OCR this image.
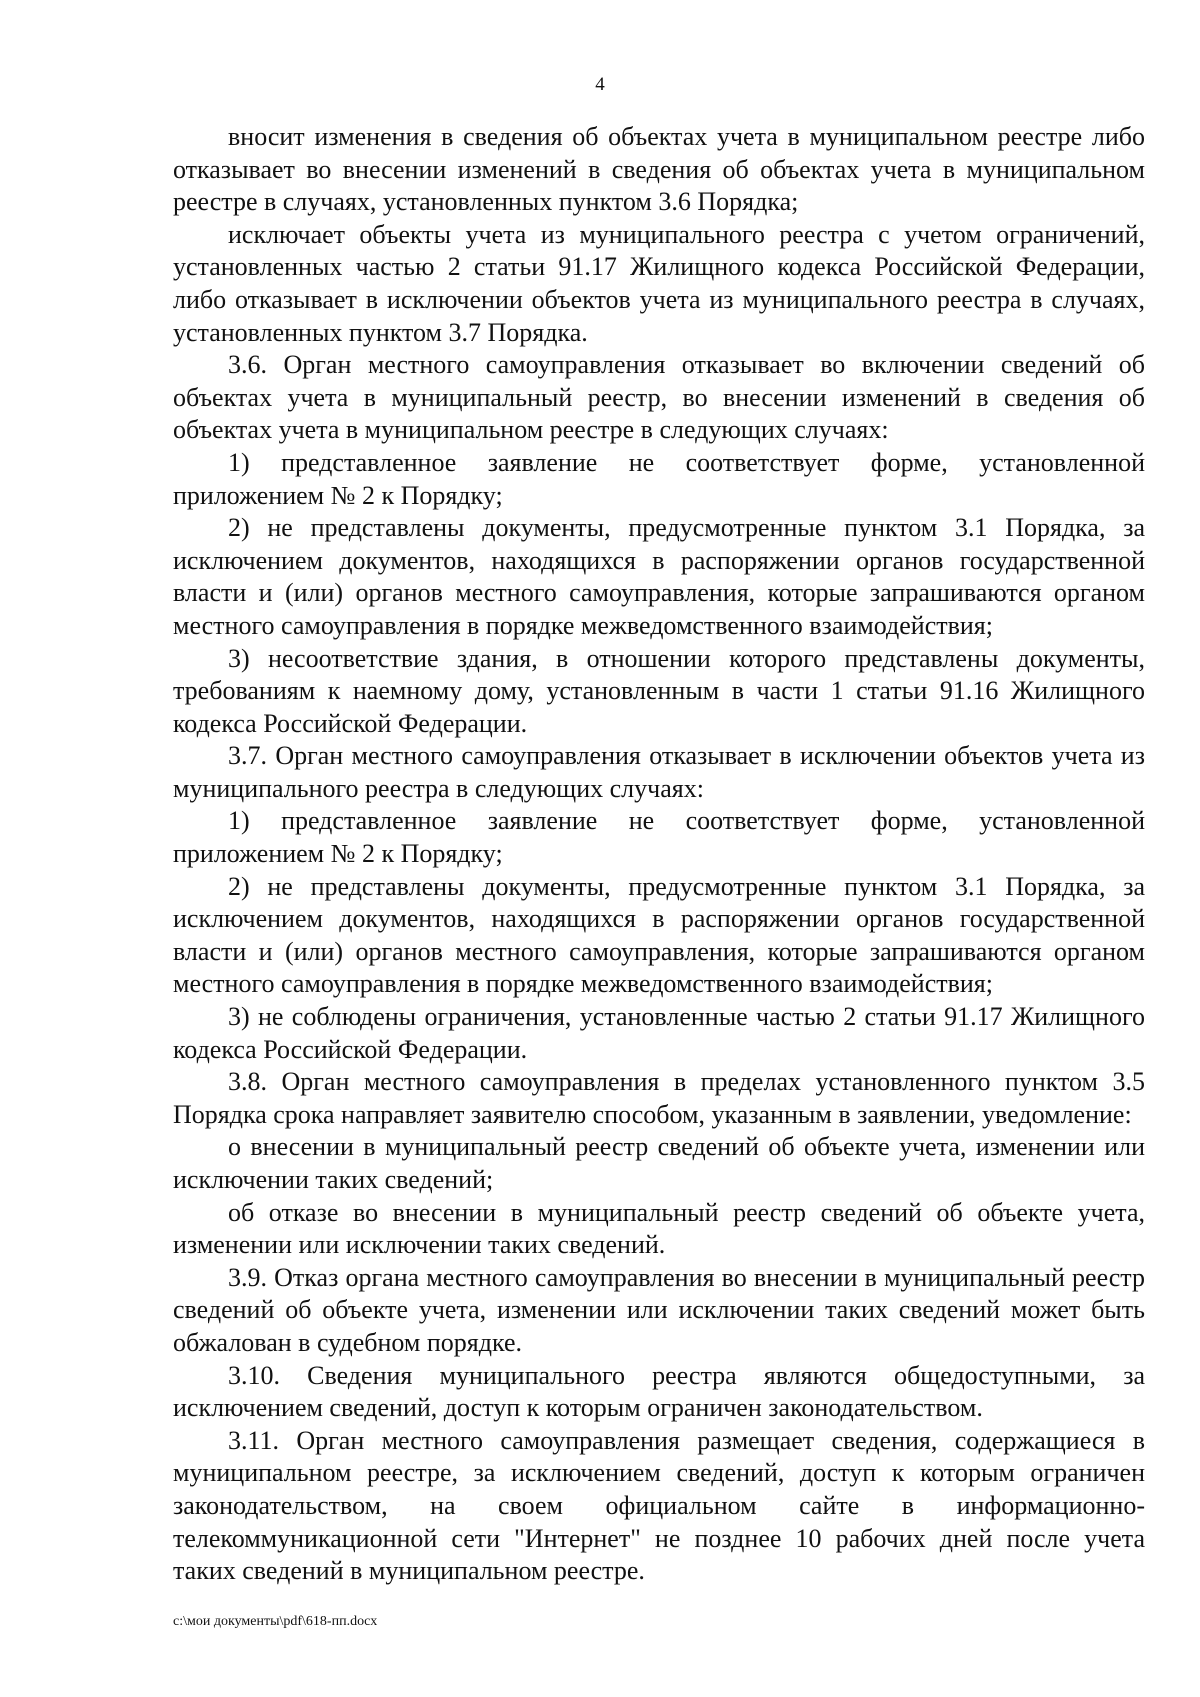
4

вносит изменения в сведения об объектах учета в муниципальном реестре либо отказывает во внесении изменений в сведения об объектах учета в муниципальном реестре в случаях, установленных пунктом 3.6 Порядка;

исключает объекты учета из муниципального реестра с учетом ограничений, установленных частью 2 статьи 91.17 Жилищного кодекса Российской Федерации, либо отказывает в исключении объектов учета из муниципального реестра в случаях, установленных пунктом 3.7 Порядка.

3.6. Орган местного самоуправления отказывает во включении сведений об объектах учета в муниципальный реестр, во внесении изменений в сведения об объектах учета в муниципальном реестре в следующих случаях:

1) представленное заявление не соответствует форме, установленной приложением № 2 к Порядку;

2) не представлены документы, предусмотренные пунктом 3.1 Порядка, за исключением документов, находящихся в распоряжении органов государственной власти и (или) органов местного самоуправления, которые запрашиваются органом местного самоуправления в порядке межведомственного взаимодействия;

3) несоответствие здания, в отношении которого представлены документы, требованиям к наемному дому, установленным в части 1 статьи 91.16 Жилищного кодекса Российской Федерации.

3.7. Орган местного самоуправления отказывает в исключении объектов учета из муниципального реестра в следующих случаях:

1) представленное заявление не соответствует форме, установленной приложением № 2 к Порядку;

2) не представлены документы, предусмотренные пунктом 3.1 Порядка, за исключением документов, находящихся в распоряжении органов государственной власти и (или) органов местного самоуправления, которые запрашиваются органом местного самоуправления в порядке межведомственного взаимодействия;

3) не соблюдены ограничения, установленные частью 2 статьи 91.17 Жилищного кодекса Российской Федерации.

3.8. Орган местного самоуправления в пределах установленного пунктом 3.5 Порядка срока направляет заявителю способом, указанным в заявлении, уведомление:

о внесении в муниципальный реестр сведений об объекте учета, изменении или исключении таких сведений;

об отказе во внесении в муниципальный реестр сведений об объекте учета, изменении или исключении таких сведений.

3.9. Отказ органа местного самоуправления во внесении в муниципальный реестр сведений об объекте учета, изменении или исключении таких сведений может быть обжалован в судебном порядке.

3.10. Сведения муниципального реестра являются общедоступными, за исключением сведений, доступ к которым ограничен законодательством.

3.11. Орган местного самоуправления размещает сведения, содержащиеся в муниципальном реестре, за исключением сведений, доступ к которым ограничен законодательством, на своем официальном сайте в информационно-телекоммуникационной сети "Интернет" не позднее 10 рабочих дней после учета таких сведений в муниципальном реестре.

c:\мои документы\pdf\618-пп.docx
